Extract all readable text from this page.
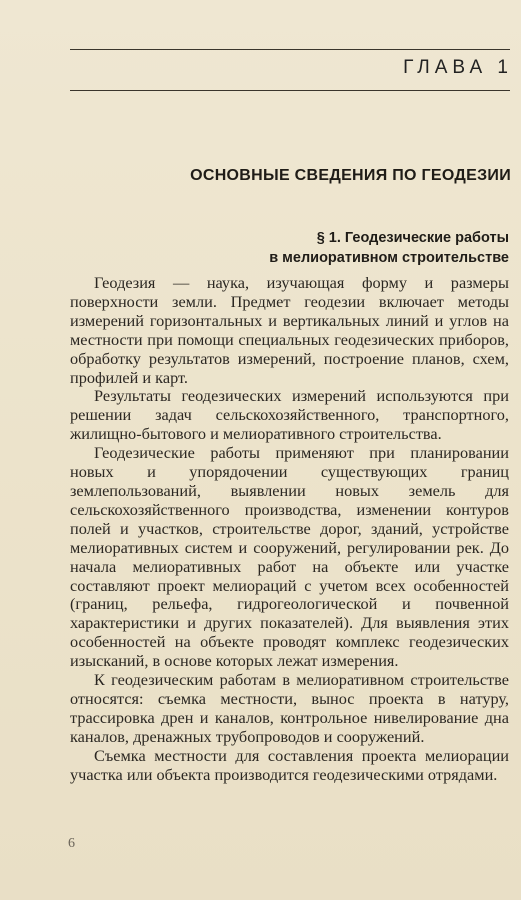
ГЛАВА 1
ОСНОВНЫЕ СВЕДЕНИЯ ПО ГЕОДЕЗИИ
§ 1. Геодезические работы
в мелиоративном строительстве

Геодезия — наука, изучающая форму и размеры поверхности земли. Предмет геодезии включает методы измерений горизонтальных и вертикальных линий и углов на местности при помощи специальных геодезических приборов, обработку результатов измерений, построение планов, схем, профилей и карт.

Результаты геодезических измерений используются при решении задач сельскохозяйственного, транспортного, жилищно-бытового и мелиоративного строительства.

Геодезические работы применяют при планировании новых и упорядочении существующих границ землепользований, выявлении новых земель для сельскохозяйственного производства, изменении контуров полей и участков, строительстве дорог, зданий, устройстве мелиоративных систем и сооружений, регулировании рек. До начала мелиоративных работ на объекте или участке составляют проект мелиораций с учетом всех особенностей (границ, рельефа, гидрогеологической и почвенной характеристики и других показателей). Для выявления этих особенностей на объекте проводят комплекс геодезических изысканий, в основе которых лежат измерения.

К геодезическим работам в мелиоративном строительстве относятся: съемка местности, вынос проекта в натуру, трассировка дрен и каналов, контрольное нивелирование дна каналов, дренажных трубопроводов и сооружений.

Съемка местности для составления проекта мелиорации участка или объекта производится геодезическими отрядами.

6
